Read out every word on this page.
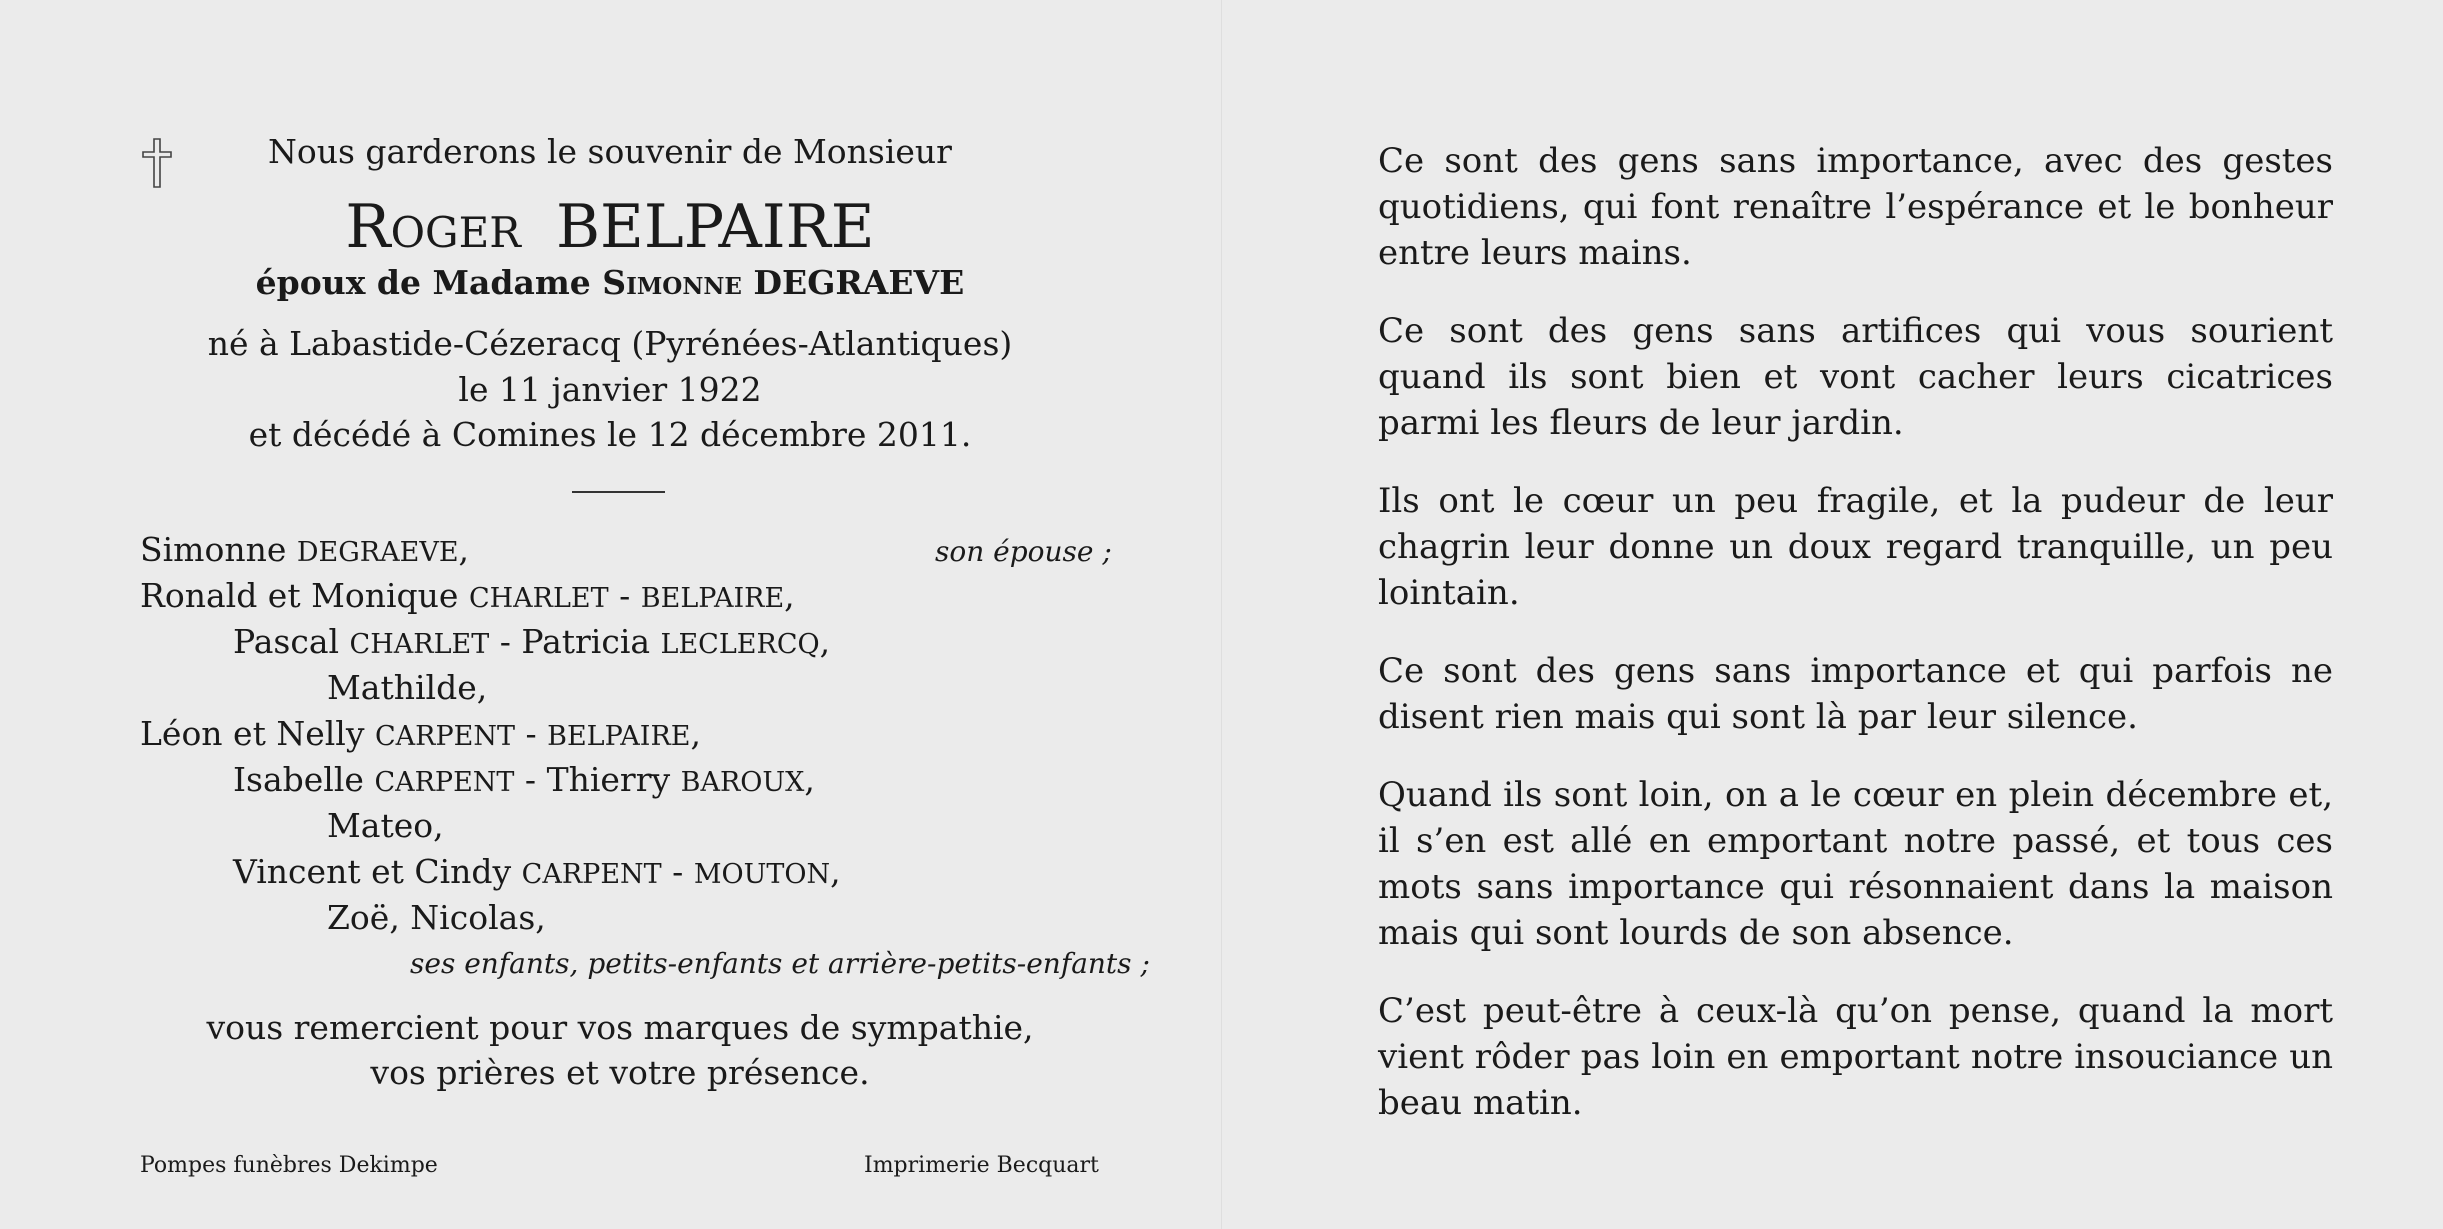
Nous garderons le souvenir de Monsieur
Roger BELPAIRE
époux de Madame Simonne DEGRAEVE
né à Labastide-Cézeracq (Pyrénées-Atlantiques)
le 11 janvier 1922
et décédé à Comines le 12 décembre 2011.
Simonne DEGRAEVE,
Ronald et Monique CHARLET - BELPAIRE,
Pascal CHARLET - Patricia LECLERCQ,
Mathilde,
Léon et Nelly CARPENT - BELPAIRE,
Isabelle CARPENT - Thierry BAROUX,
Mateo,
Vincent et Cindy CARPENT - MOUTON,
Zoë, Nicolas,
son épouse ;
ses enfants, petits-enfants et arrière-petits-enfants ;
vous remercient pour vos marques de sympathie,
vos prières et votre présence.
Pompes funèbres Dekimpe	Imprimerie Becquart

Ce sont des gens sans importance, avec des gestes quotidiens, qui font renaître l’espérance et le bonheur entre leurs mains.

Ce sont des gens sans artifices qui vous sourient quand ils sont bien et vont cacher leurs cicatrices parmi les fleurs de leur jardin.

Ils ont le cœur un peu fragile, et la pudeur de leur chagrin leur donne un doux regard tranquille, un peu lointain.

Ce sont des gens sans importance et qui parfois ne disent rien mais qui sont là par leur silence.

Quand ils sont loin, on a le cœur en plein décembre et, il s’en est allé en emportant notre passé, et tous ces mots sans importance qui résonnaient dans la maison mais qui sont lourds de son absence.

C’est peut-être à ceux-là qu’on pense, quand la mort vient rôder pas loin en emportant notre insouciance un beau matin.
